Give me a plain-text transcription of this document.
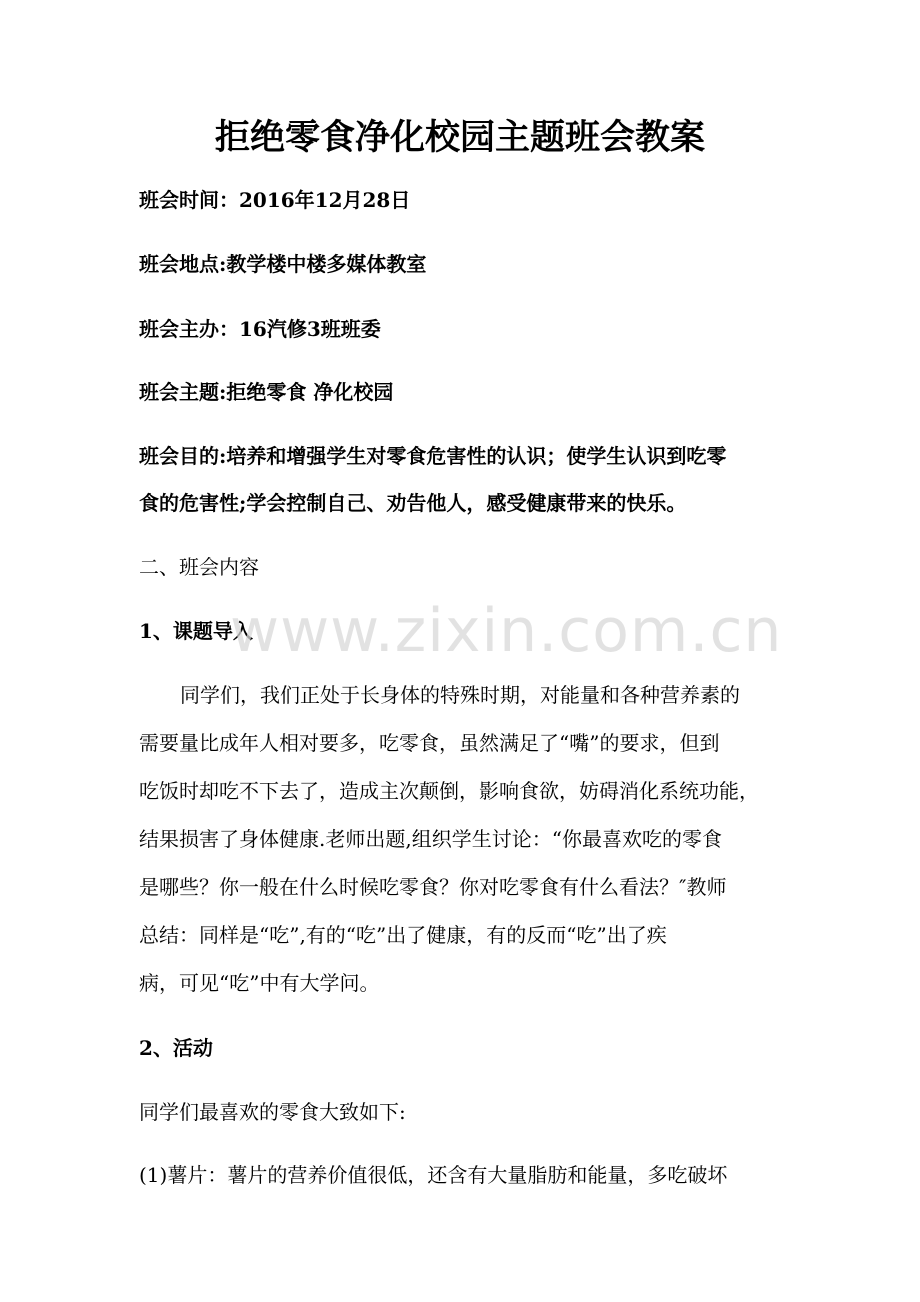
拒绝零食净化校园主题班会教案
班会时间：2016年12月28日
班会地点:教学楼中楼多媒体教室
班会主办：16汽修3班班委
班会主题:拒绝零食 净化校园
班会目的:培养和增强学生对零食危害性的认识；使学生认识到吃零
食的危害性;学会控制自己、劝告他人，感受健康带来的快乐。
二、班会内容
1、课题导入
同学们，我们正处于长身体的特殊时期，对能量和各种营养素的
需要量比成年人相对要多，吃零食，虽然满足了“嘴”的要求，但到
吃饭时却吃不下去了，造成主次颠倒，影响食欲，妨碍消化系统功能，
结果损害了身体健康.老师出题,组织学生讨论：“你最喜欢吃的零食
是哪些？你一般在什么时候吃零食？你对吃零食有什么看法？″教师
总结：同样是“吃”,有的“吃”出了健康，有的反而“吃”出了疾
病，可见“吃”中有大学问。
2、活动
同学们最喜欢的零食大致如下:
(1)薯片：薯片的营养价值很低，还含有大量脂肪和能量，多吃破坏
www.zixin.com.cn
